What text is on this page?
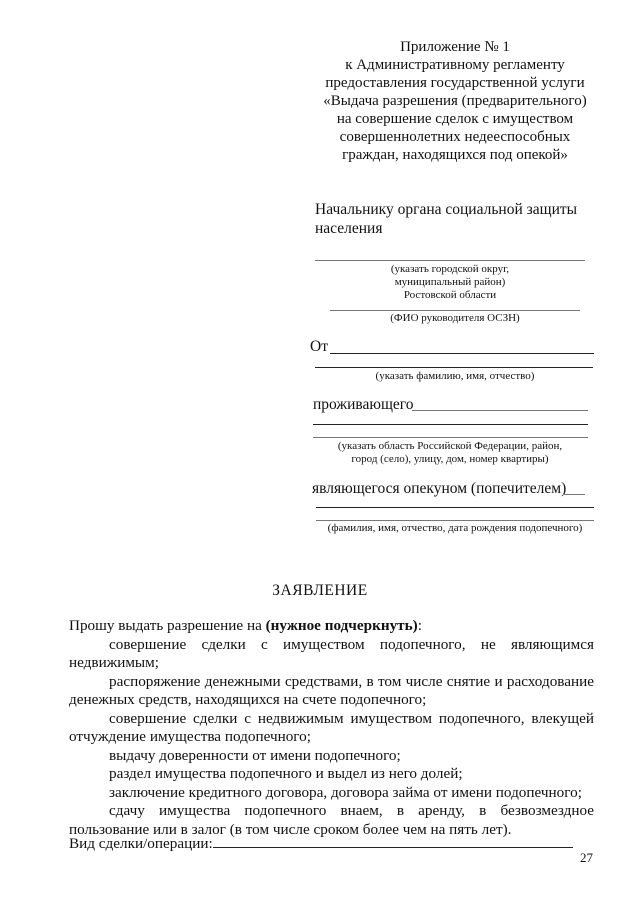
Приложение № 1
к Административному регламенту
предоставления государственной услуги
«Выдача разрешения (предварительного)
на совершение сделок с имуществом
совершеннолетних недееспособных
граждан, находящихся под опекой»
Начальнику органа социальной защиты
населения
(указать городской округ,
муниципальный район)
Ростовской области
(ФИО руководителя ОСЗН)
От
(указать фамилию, имя, отчество)
проживающего
(указать область Российской Федерации, район,
город (село), улицу, дом, номер квартиры)
являющегося опекуном (попечителем)
(фамилия, имя, отчество, дата рождения подопечного)
ЗАЯВЛЕНИЕ

Прошу выдать разрешение на (нужное подчеркнуть):

совершение сделки с имуществом подопечного, не являющимся недвижимым;

распоряжение денежными средствами, в том числе снятие и расходование денежных средств, находящихся на счете подопечного;

совершение сделки с недвижимым имуществом подопечного, влекущей отчуждение имущества подопечного;

выдачу доверенности от имени подопечного;

раздел имущества подопечного и выдел из него долей;

заключение кредитного договора, договора займа от имени подопечного;

сдачу имущества подопечного внаем, в аренду, в безвозмездное пользование или в залог (в том числе сроком более чем на пять лет).

Вид сделки/операции:
27
